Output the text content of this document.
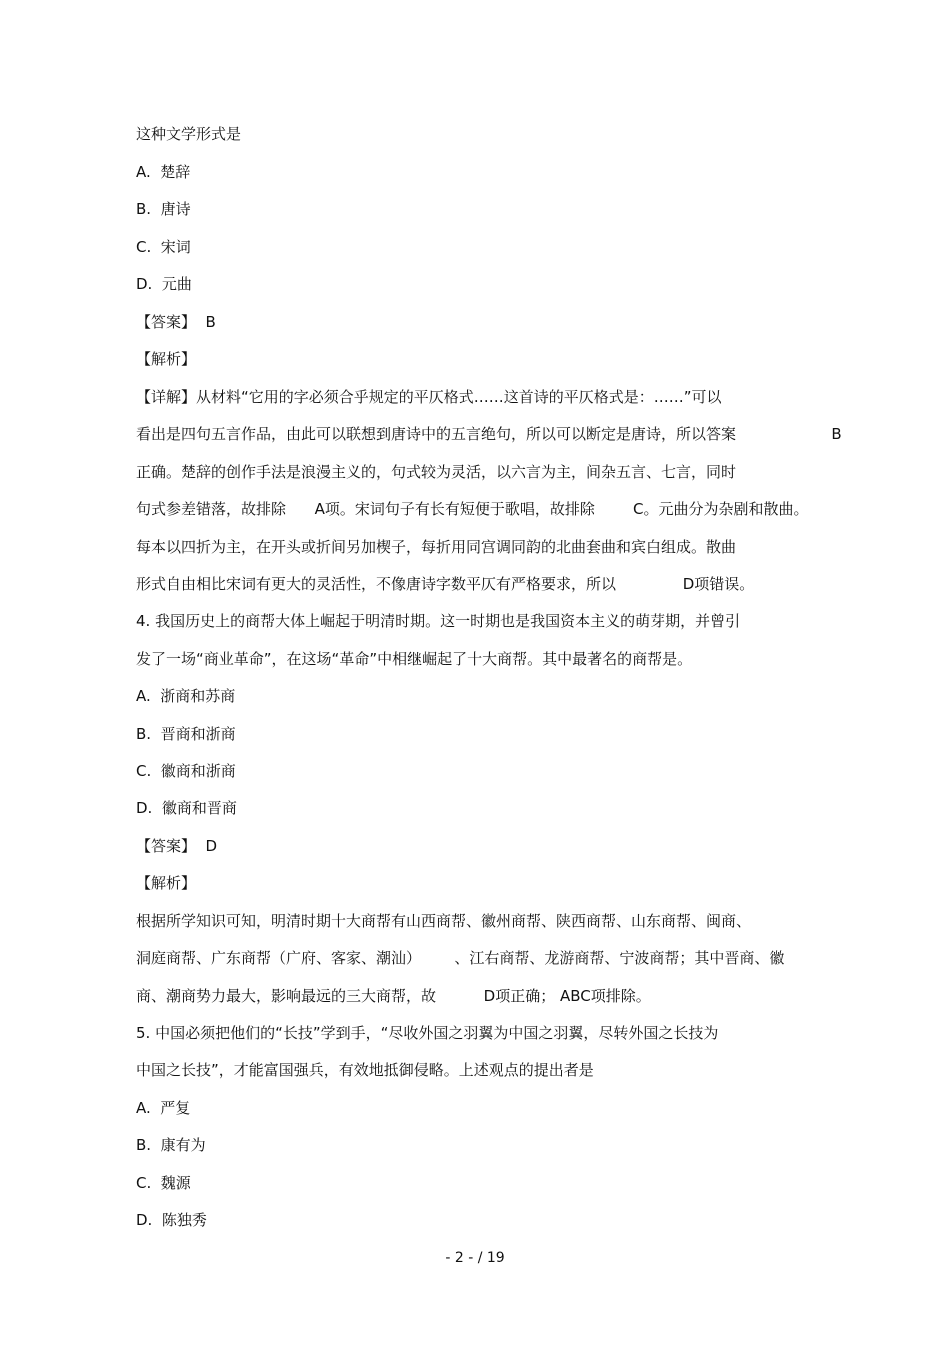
这种文学形式是
A.  楚辞
B.  唐诗
C.  宋词
D.  元曲
【答案】  B
【解析】
【详解】从材料“它用的字必须合乎规定的平仄格式……这首诗的平仄格式是：……”可以
看出是四句五言作品，由此可以联想到唐诗中的五言绝句，所以可以断定是唐诗，所以答案                    B
正确。楚辞的创作手法是浪漫主义的，句式较为灵活，以六言为主，间杂五言、七言，同时
句式参差错落，故排除      A项。宋词句子有长有短便于歌唱，故排除        C。元曲分为杂剧和散曲。
每本以四折为主，在开头或折间另加楔子，每折用同宫调同韵的北曲套曲和宾白组成。散曲
形式自由相比宋词有更大的灵活性，不像唐诗字数平仄有严格要求，所以              D项错误。
4. 我国历史上的商帮大体上崛起于明清时期。这一时期也是我国资本主义的萌芽期，并曾引
发了一场“商业革命”，在这场“革命”中相继崛起了十大商帮。其中最著名的商帮是。
A.  浙商和苏商
B.  晋商和浙商
C.  徽商和浙商
D.  徽商和晋商
【答案】  D
【解析】
根据所学知识可知，明清时期十大商帮有山西商帮、徽州商帮、陕西商帮、山东商帮、闽商、
洞庭商帮、广东商帮（广府、客家、潮汕）       、江右商帮、龙游商帮、宁波商帮；其中晋商、徽
商、潮商势力最大，影响最远的三大商帮，故          D项正确； ABC项排除。
5. 中国必须把他们的“长技”学到手，“尽收外国之羽翼为中国之羽翼，尽转外国之长技为
中国之长技”，才能富国强兵，有效地抵御侵略。上述观点的提出者是
A.  严复
B.  康有为
C.  魏源
D.  陈独秀
- 2 - / 19
